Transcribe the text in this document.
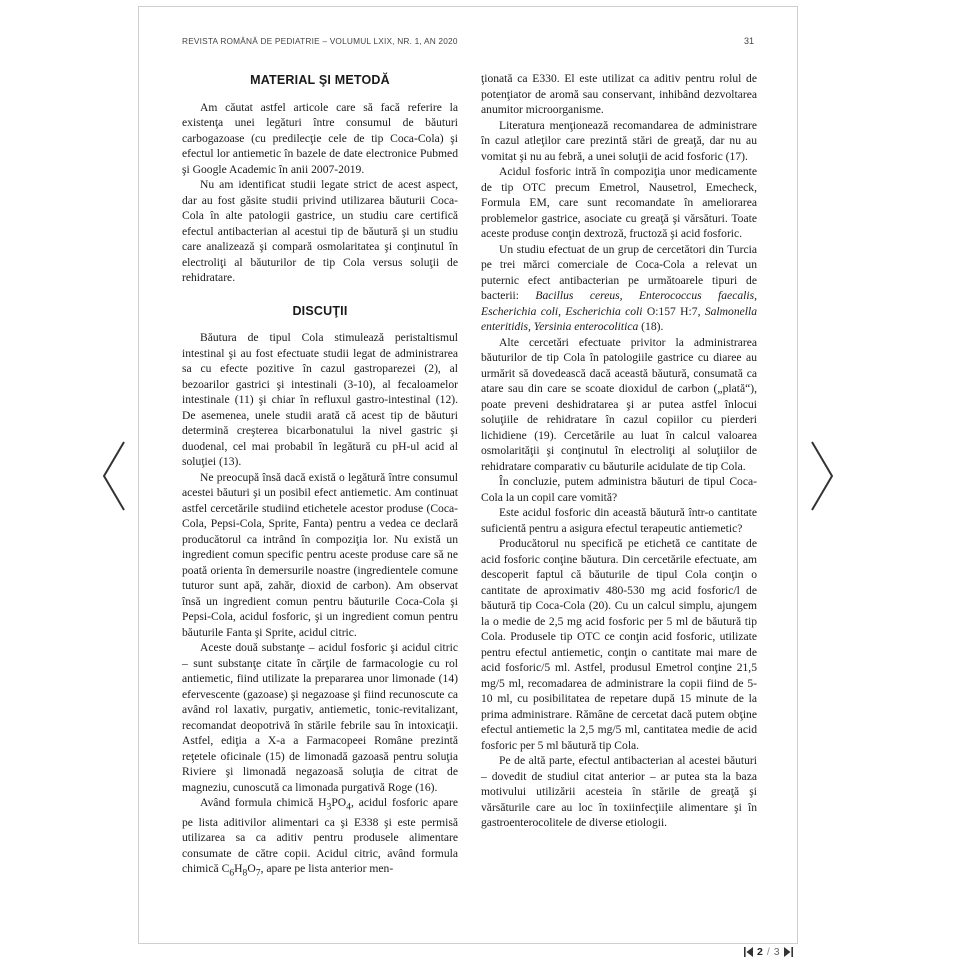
REVISTA ROMÂNĂ DE PEDIATRIE – VOLUMUL LXIX, NR. 1, AN 2020	31
MATERIAL ŞI METODĂ

Am căutat astfel articole care să facă referire la existenţa unei legături între consumul de băuturi carbogazoase (cu predilecţie cele de tip Coca-Cola) şi efectul lor antiemetic în bazele de date electronice Pubmed şi Google Academic în anii 2007-2019.

Nu am identificat studii legate strict de acest aspect, dar au fost găsite studii privind utilizarea băuturii Coca-Cola în alte patologii gastrice, un studiu care certifică efectul antibacterian al acestui tip de băutură şi un studiu care analizează şi compară osmolaritatea şi conţinutul în electroliţi al băuturilor de tip Cola versus soluţii de rehidratare.

DISCUŢII

Băutura de tipul Cola stimulează peristaltismul intestinal şi au fost efectuate studii legat de administrarea sa cu efecte pozitive în cazul gastroparezei (2), al bezoarilor gastrici şi intestinali (3-10), al fecaloamelor intestinale (11) şi chiar în refluxul gastro-intestinal (12). De asemenea, unele studii arată că acest tip de băuturi determină creşterea bicarbonatului la nivel gastric şi duodenal, cel mai probabil în legătură cu pH-ul acid al soluţiei (13).

Ne preocupă însă dacă există o legătură între consumul acestei băuturi şi un posibil efect antiemetic. Am continuat astfel cercetările studiind etichetele acestor produse (Coca-Cola, Pepsi-Cola, Sprite, Fanta) pentru a vedea ce declară producătorul ca intrând în compoziţia lor. Nu există un ingredient comun specific pentru aceste produse care să ne poată orienta în demersurile noastre (ingredientele comune tuturor sunt apă, zahăr, dioxid de carbon). Am observat însă un ingredient comun pentru băuturile Coca-Cola şi Pepsi-Cola, acidul fosforic, şi un ingredient comun pentru băuturile Fanta şi Sprite, acidul citric.

Aceste două substanţe – acidul fosforic şi acidul citric – sunt substanţe citate în cărţile de farmacologie cu rol antiemetic, fiind utilizate la prepararea unor limonade (14) efervescente (gazoase) şi negazoase şi fiind recunoscute ca având rol laxativ, purgativ, antiemetic, tonic-revitalizant, recomandat deopotrivă în stările febrile sau în intoxicaţii. Astfel, ediţia a X-a a Farmacopeei Române prezintă reţetele oficinale (15) de limonadă gazoasă pentru soluţia Riviere şi limonadă negazoasă soluţia de citrat de magneziu, cunoscută ca limonada purgativă Roge (16).

Având formula chimică $H_3PO_4$, acidul fosforic apare pe lista aditivilor alimentari ca şi E338 şi este permisă utilizarea sa ca aditiv pentru produsele alimentare consumate de către copii. Acidul citric, având formula chimică $C_6H_8O_7$, apare pe lista anterior men-

ţionată ca E330. El este utilizat ca aditiv pentru rolul de potenţiator de aromă sau conservant, inhibând dezvoltarea anumitor microorganisme.

Literatura menţionează recomandarea de administrare în cazul atleţilor care prezintă stări de greaţă, dar nu au vomitat şi nu au febră, a unei soluţii de acid fosforic (17).

Acidul fosforic intră în compoziţia unor medicamente de tip OTC precum Emetrol, Nausetrol, Emecheck, Formula EM, care sunt recomandate în ameliorarea problemelor gastrice, asociate cu greaţă şi vărsături. Toate aceste produse conţin dextroză, fructoză şi acid fosforic.

Un studiu efectuat de un grup de cercetători din Turcia pe trei mărci comerciale de Coca-Cola a relevat un puternic efect antibacterian pe următoarele tipuri de bacterii: Bacillus cereus, Enterococcus faecalis, Escherichia coli, Escherichia coli O:157 H:7, Salmonella enteritidis, Yersinia enterocolitica (18).

Alte cercetări efectuate privitor la administrarea băuturilor de tip Cola în patologiile gastrice cu diaree au urmărit să dovedească dacă această băutură, consumată ca atare sau din care se scoate dioxidul de carbon („plată“), poate preveni deshidratarea şi ar putea astfel înlocui soluţiile de rehidratare în cazul copiilor cu pierderi lichidiene (19). Cercetările au luat în calcul valoarea osmolarităţii şi conţinutul în electroliţi al soluţiilor de rehidratare comparativ cu băuturile acidulate de tip Cola.

În concluzie, putem administra băuturi de tipul Coca-Cola la un copil care vomită?

Este acidul fosforic din această băutură într-o cantitate suficientă pentru a asigura efectul terapeutic antiemetic?

Producătorul nu specifică pe etichetă ce cantitate de acid fosforic conţine băutura. Din cercetările efectuate, am descoperit faptul că băuturile de tipul Cola conţin o cantitate de aproximativ 480-530 mg acid fosforic/l de băutură tip Coca-Cola (20). Cu un calcul simplu, ajungem la o medie de 2,5 mg acid fosforic per 5 ml de băutură tip Cola. Produsele tip OTC ce conţin acid fosforic, utilizate pentru efectul antiemetic, conţin o cantitate mai mare de acid fosforic/5 ml. Astfel, produsul Emetrol conţine 21,5 mg/5 ml, recomadarea de administrare la copii fiind de 5-10 ml, cu posibilitatea de repetare după 15 minute de la prima administrare. Rămâne de cercetat dacă putem obţine efectul antiemetic la 2,5 mg/5 ml, cantitatea medie de acid fosforic per 5 ml băutură tip Cola.

Pe de altă parte, efectul antibacterian al acestei băuturi – dovedit de studiul citat anterior – ar putea sta la baza motivului utilizării acesteia în stările de greaţă şi vărsăturile care au loc în toxiinfecţiile alimentare şi în gastroenterocolitele de diverse etiologii.

2 / 3
